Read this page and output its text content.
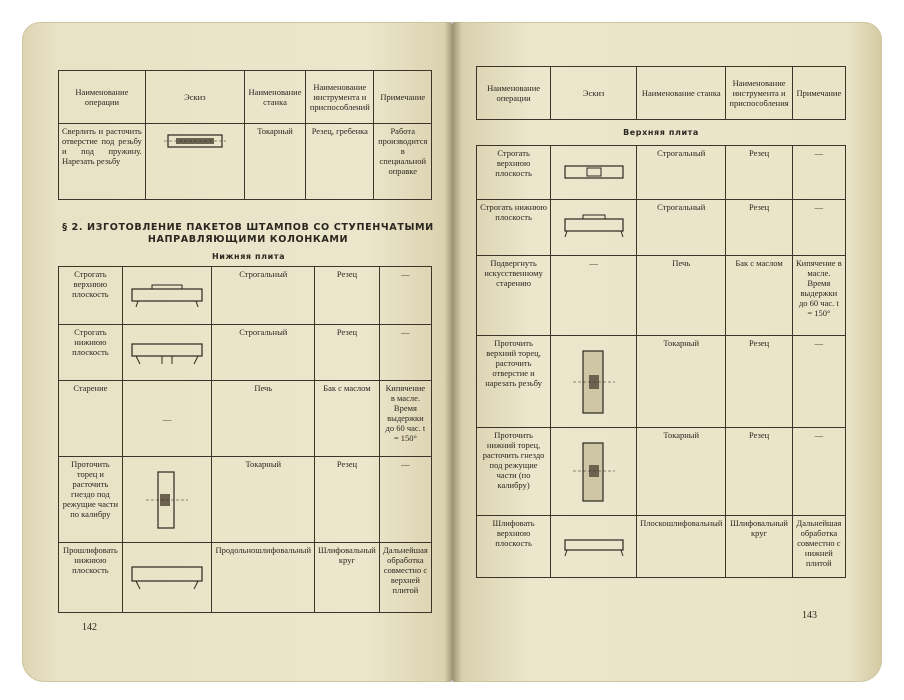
Наименование операции	Эскиз	Наименование станка	Наименование инструмента и приспособлений	Примечание
Сверлить и расточить отверстие под резьбу и под пружину. Нарезать резьбу		Токарный	Резец, гребенка	Работа производится в специальной оправке
§ 2. ИЗГОТОВЛЕНИЕ ПАКЕТОВ ШТАМПОВ СО СТУПЕНЧАТЫМИ НАПРАВЛЯЮЩИМИ КОЛОНКАМИ
Нижняя плита
Строгать верхнюю плоскость		Строгальный	Резец	—
Строгать нижнюю плоскость		Строгальный	Резец	—
Старение	—	Печь	Бак с маслом	Кипячение в масле. Время выдержки до 60 час. t = 150°
Проточить торец и расточить гнездо под режущие части по калибру		Токарный	Резец	—
Прошлифовать нижнюю плоскость		Продольношлифовальный	Шлифовальный круг	Дальнейшая обработка совместно с верхней плитой
142
Наименование операции	Эскиз	Наименование станка	Наименование инструмента и приспособления	Примечание
Верхняя плита				
Строгать верхнюю плоскость		Строгальный	Резец	—
Строгать нижнюю плоскость		Строгальный	Резец	—
Подвергнуть искусственному старению	—	Печь	Бак с маслом	Кипячение в масле. Время выдержки до 60 час. t = 150°
Проточить верхний торец, расточить отверстие и нарезать резьбу		Токарный	Резец	—
Проточить нижний торец, расточить гнездо под режущие части (по калибру)		Токарный	Резец	—
Шлифовать верхнюю плоскость		Плоскошлифовальный	Шлифовальный круг	Дальнейшая обработка совместно с нижней плитой
143
